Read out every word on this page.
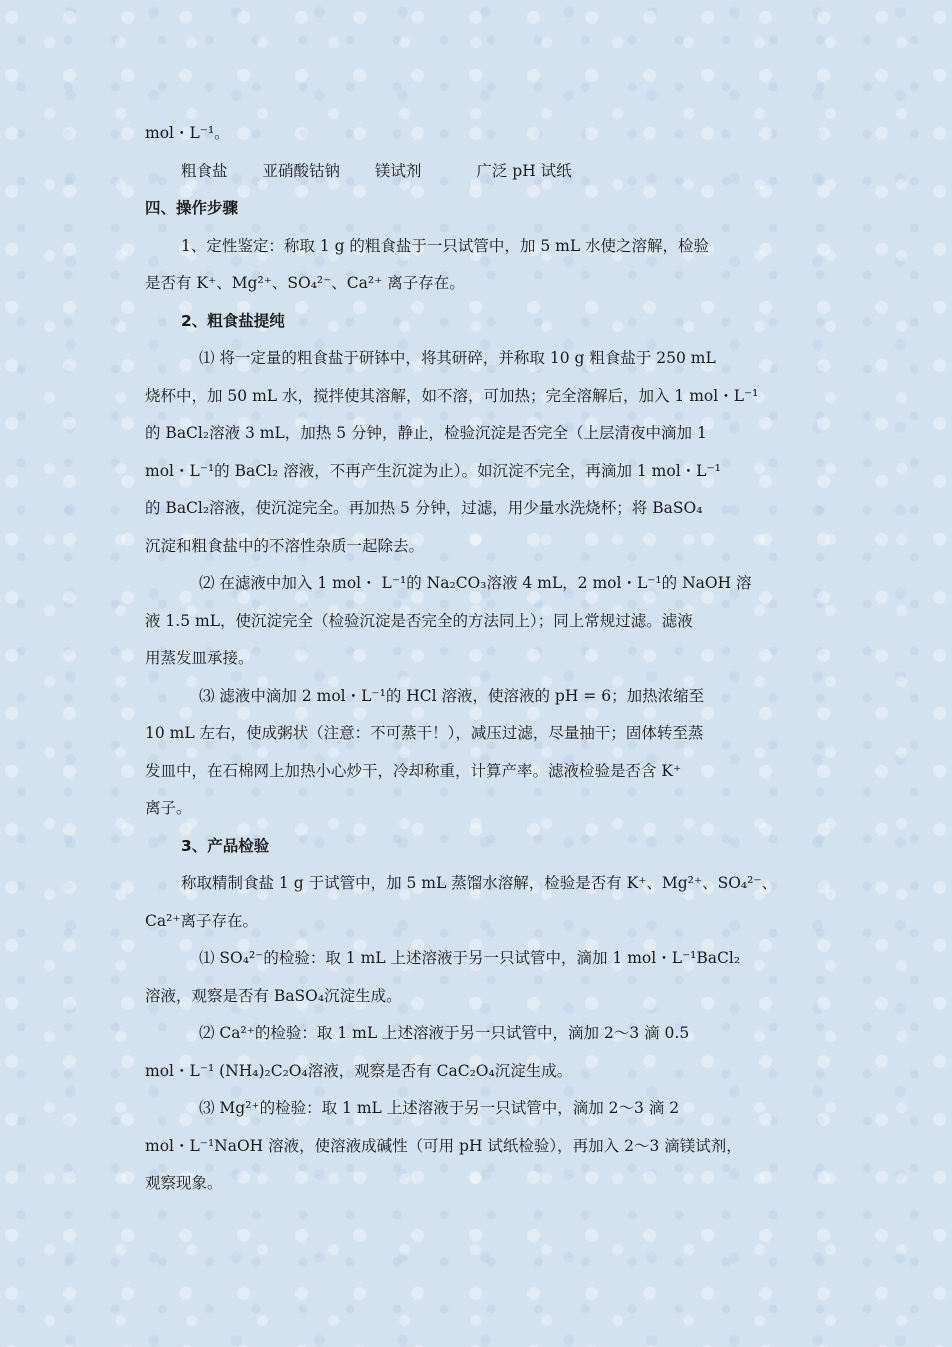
mol・L⁻¹。
粗食盐 亚硝酸钴钠 镁试剂	广泛 pH 试纸
四、操作步骤
1、定性鉴定：称取 1 g 的粗食盐于一只试管中，加 5 mL 水使之溶解，检验
是否有 K⁺、Mg²⁺、SO₄²⁻、Ca²⁺ 离子存在。
2、粗食盐提纯
⑴ 将一定量的粗食盐于研钵中，将其研碎，并称取 10 g 粗食盐于 250 mL
烧杯中，加 50 mL 水，搅拌使其溶解，如不溶，可加热；完全溶解后，加入 1 mol・L⁻¹
的 BaCl₂溶液 3 mL，加热 5 分钟，静止，检验沉淀是否完全（上层清夜中滴加 1
mol・L⁻¹的 BaCl₂ 溶液，不再产生沉淀为止）。如沉淀不完全，再滴加 1 mol・L⁻¹
的 BaCl₂溶液，使沉淀完全。再加热 5 分钟，过滤，用少量水洗烧杯；将 BaSO₄
沉淀和粗食盐中的不溶性杂质一起除去。
⑵ 在滤液中加入 1 mol・ L⁻¹的 Na₂CO₃溶液 4 mL，2 mol・L⁻¹的 NaOH 溶
液 1.5 mL，使沉淀完全（检验沉淀是否完全的方法同上）；同上常规过滤。滤液
用蒸发皿承接。
⑶ 滤液中滴加 2 mol・L⁻¹的 HCl 溶液，使溶液的 pH = 6；加热浓缩至
10 mL 左右，使成粥状（注意：不可蒸干！），减压过滤，尽量抽干；固体转至蒸
发皿中，在石棉网上加热小心炒干，冷却称重，计算产率。滤液检验是否含 K⁺
离子。
3、产品检验
称取精制食盐 1 g 于试管中，加 5 mL 蒸馏水溶解，检验是否有 K⁺、Mg²⁺、SO₄²⁻、
Ca²⁺离子存在。
⑴ SO₄²⁻的检验：取 1 mL 上述溶液于另一只试管中，滴加 1 mol・L⁻¹BaCl₂
溶液，观察是否有 BaSO₄沉淀生成。
⑵ Ca²⁺的检验：取 1 mL 上述溶液于另一只试管中，滴加 2～3 滴 0.5
mol・L⁻¹ (NH₄)₂C₂O₄溶液，观察是否有 CaC₂O₄沉淀生成。
⑶ Mg²⁺的检验：取 1 mL 上述溶液于另一只试管中，滴加 2～3 滴 2
mol・L⁻¹NaOH 溶液，使溶液成碱性（可用 pH 试纸检验），再加入 2～3 滴镁试剂，
观察现象。
